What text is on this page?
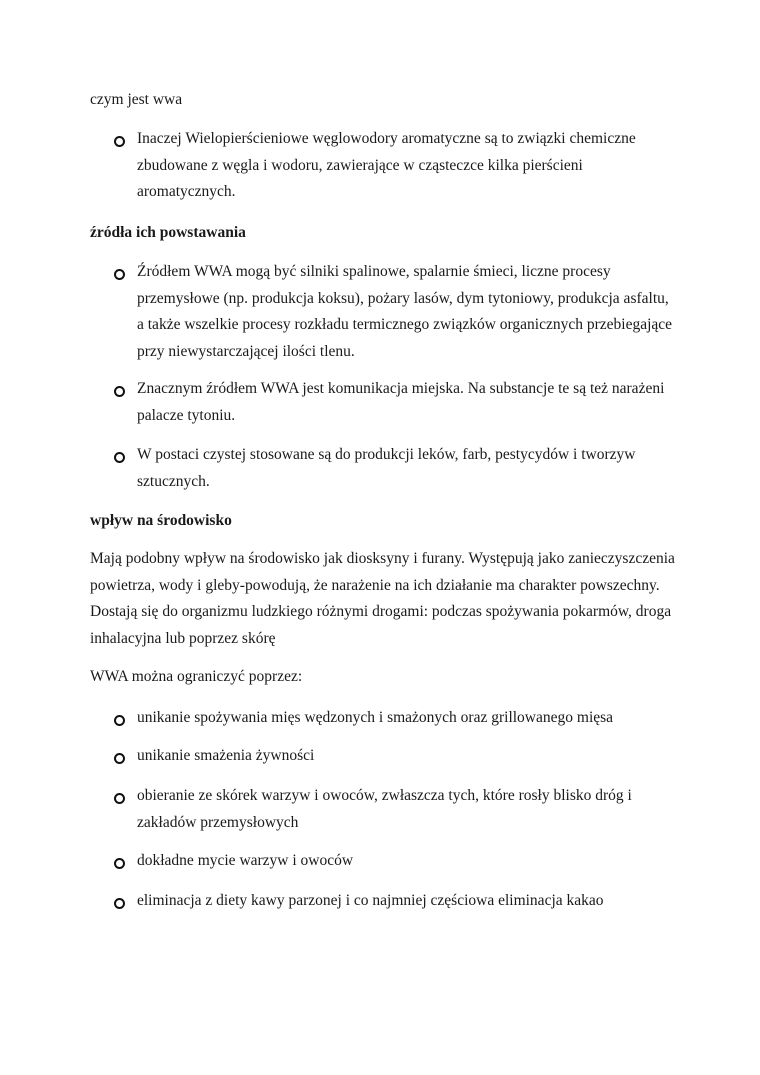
czym jest wwa

Inaczej Wielopierścieniowe węglowodory aromatyczne są to związki chemiczne zbudowane z węgla i wodoru, zawierające w cząsteczce kilka pierścieni aromatycznych.

źródła ich powstawania

Źródłem WWA mogą być silniki spalinowe, spalarnie śmieci, liczne procesy przemysłowe (np. produkcja koksu), pożary lasów, dym tytoniowy, produkcja asfaltu, a także wszelkie procesy rozkładu termicznego związków organicznych przebiegające przy niewystarczającej ilości tlenu.
Znacznym źródłem WWA jest komunikacja miejska. Na substancje te są też narażeni palacze tytoniu.
W postaci czystej stosowane są do produkcji leków, farb, pestycydów i tworzyw sztucznych.

wpływ na środowisko

Mają podobny wpływ na środowisko jak diosksyny i furany. Występują jako zanieczyszczenia powietrza, wody i gleby-powodują, że narażenie na ich działanie ma charakter powszechny. Dostają się do organizmu ludzkiego różnymi drogami: podczas spożywania pokarmów, droga inhalacyjna lub poprzez skórę

WWA można ograniczyć poprzez:

unikanie spożywania mięs wędzonych i smażonych oraz grillowanego mięsa
unikanie smażenia żywności
obieranie ze skórek warzyw i owoców, zwłaszcza tych, które rosły blisko dróg i zakładów przemysłowych
dokładne mycie warzyw i owoców
eliminacja z diety kawy parzonej i co najmniej częściowa eliminacja kakao
